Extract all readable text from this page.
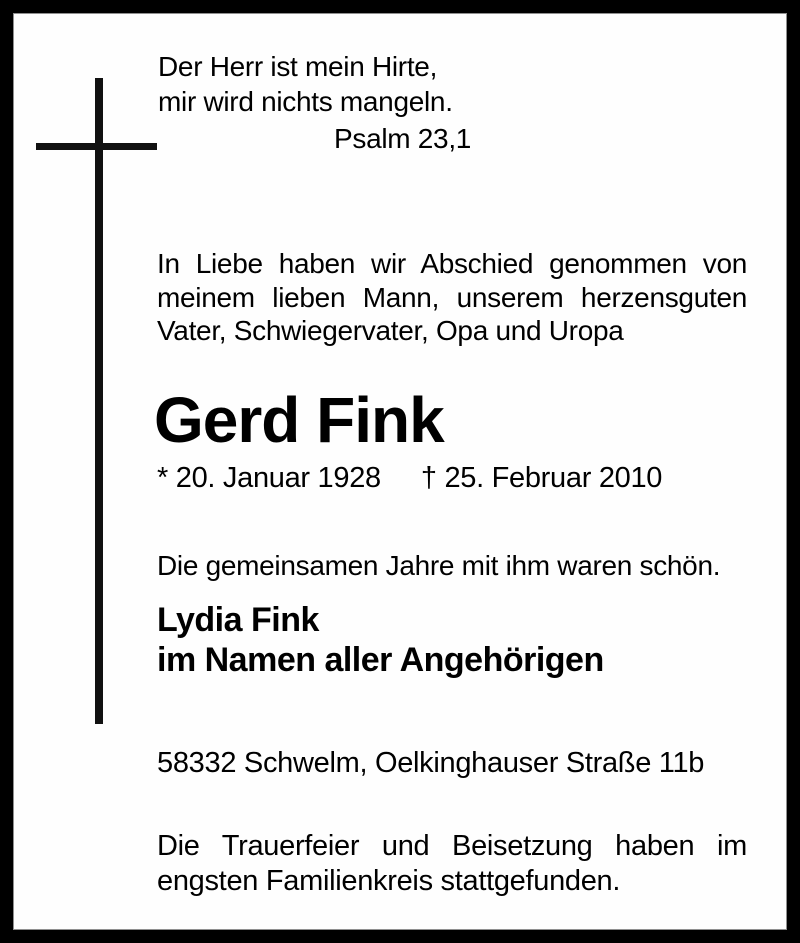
Der Herr ist mein Hirte,
mir wird nichts mangeln.
Psalm 23,1

In Liebe haben wir Abschied genommen von meinem lieben Mann, unserem herzensguten Vater, Schwiegervater, Opa und Uropa

Gerd Fink
* 20. Januar 1928 † 25. Februar 2010

Die gemeinsamen Jahre mit ihm waren schön.

Lydia Fink
im Namen aller Angehörigen

58332 Schwelm, Oelkinghauser Straße 11b

Die Trauerfeier und Beisetzung haben im engsten Familienkreis stattgefunden.
